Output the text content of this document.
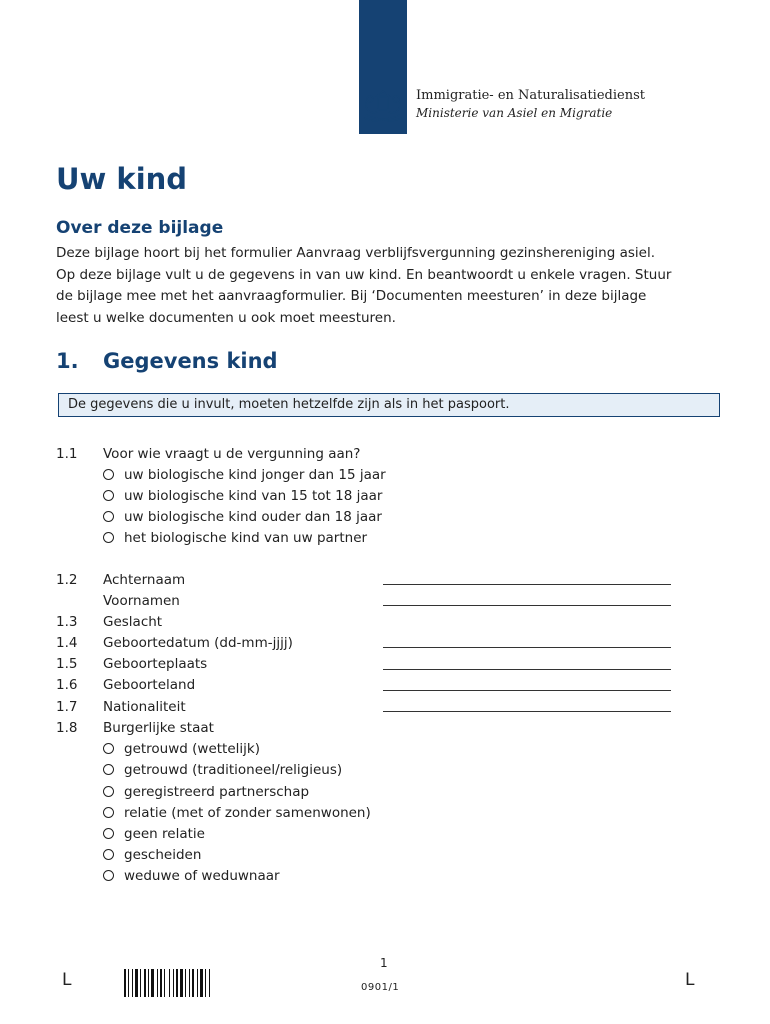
Immigratie- en Naturalisatiedienst
Ministerie van Asiel en Migratie
Uw kind
Over deze bijlage
Deze bijlage hoort bij het formulier Aanvraag verblijfsvergunning gezinshereniging asiel.
Op deze bijlage vult u de gegevens in van uw kind. En beantwoordt u enkele vragen. Stuur
de bijlage mee met het aanvraagformulier. Bij ‘Documenten meesturen’ in deze bijlage
leest u welke documenten u ook moet meesturen.
1. Gegevens kind
De gegevens die u invult, moeten hetzelfde zijn als in het paspoort.
1.1 Voor wie vraagt u de vergunning aan?
uw biologische kind jonger dan 15 jaar
uw biologische kind van 15 tot 18 jaar
uw biologische kind ouder dan 18 jaar
het biologische kind van uw partner
1.2 Achternaam
Voornamen
1.3 Geslacht
1.4 Geboortedatum (dd-mm-jjjj)
1.5 Geboorteplaats
1.6 Geboorteland
1.7 Nationaliteit
1.8 Burgerlijke staat
getrouwd (wettelijk)
getrouwd (traditioneel/religieus)
geregistreerd partnerschap
relatie (met of zonder samenwonen)
geen relatie
gescheiden
weduwe of weduwnaar
1
0901/1
L	L
